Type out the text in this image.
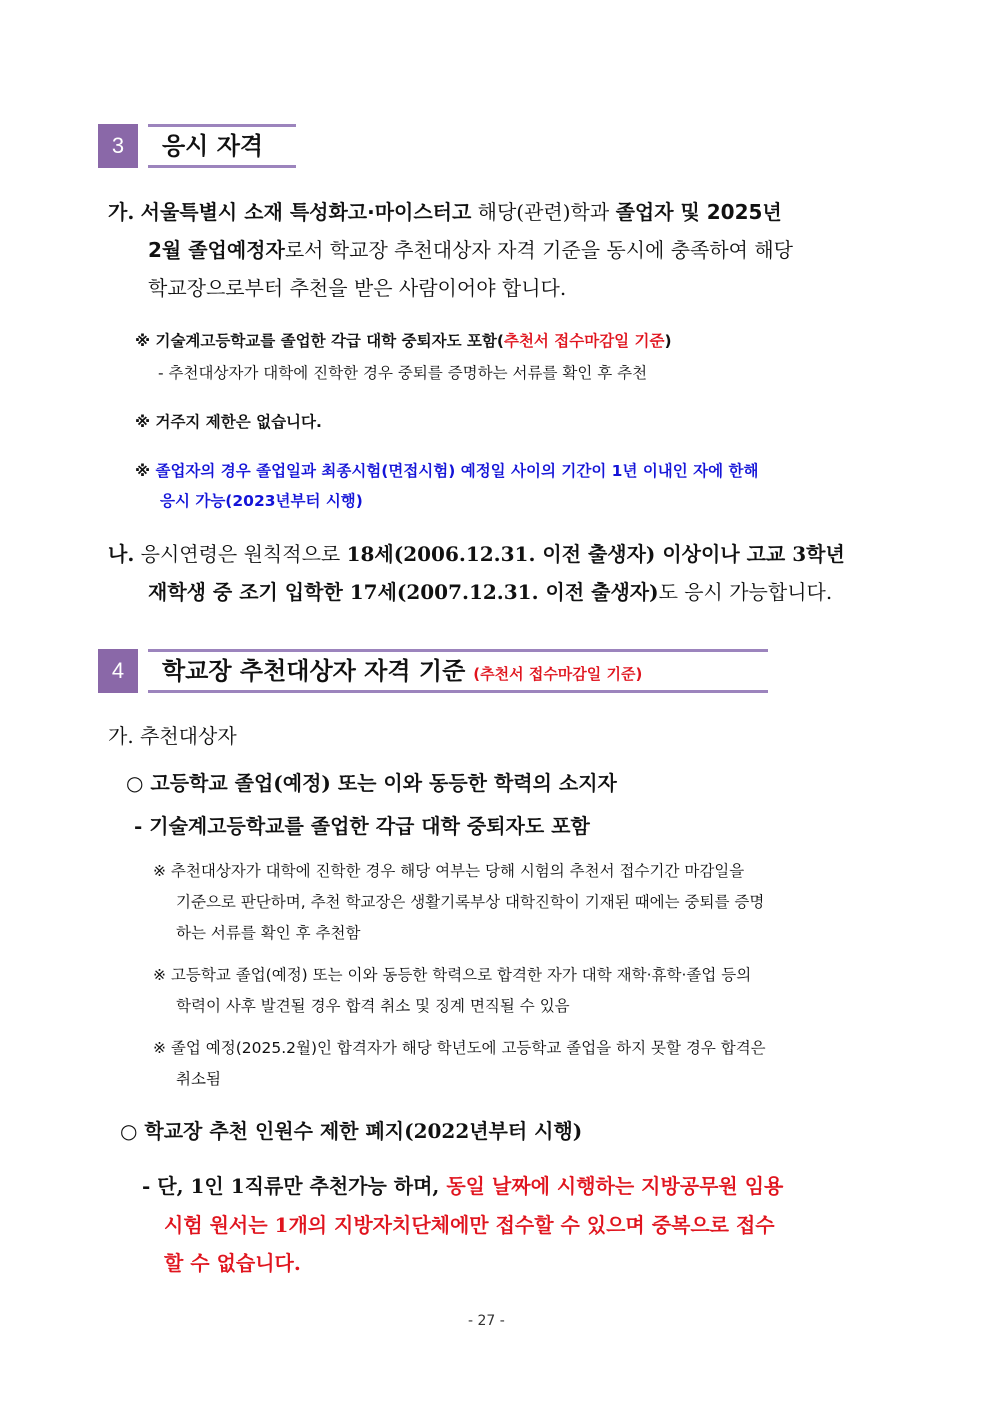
3	응시 자격
가. 서울특별시 소재 특성화고·마이스터고 해당(관련)학과 졸업자 및 2025년
2월 졸업예정자로서 학교장 추천대상자 자격 기준을 동시에 충족하여 해당
학교장으로부터 추천을 받은 사람이어야 합니다.
※ 기술계고등학교를 졸업한 각급 대학 중퇴자도 포함(추천서 접수마감일 기준)
- 추천대상자가 대학에 진학한 경우 중퇴를 증명하는 서류를 확인 후 추천
※ 거주지 제한은 없습니다.
※ 졸업자의 경우 졸업일과 최종시험(면접시험) 예정일 사이의 기간이 1년 이내인 자에 한해
응시 가능(2023년부터 시행)
나. 응시연령은 원칙적으로 18세(2006.12.31. 이전 출생자) 이상이나 고교 3학년
재학생 중 조기 입학한 17세(2007.12.31. 이전 출생자)도 응시 가능합니다.
4	학교장 추천대상자 자격 기준 (추천서 접수마감일 기준)
가. 추천대상자
○ 고등학교 졸업(예정) 또는 이와 동등한 학력의 소지자
- 기술계고등학교를 졸업한 각급 대학 중퇴자도 포함
※ 추천대상자가 대학에 진학한 경우 해당 여부는 당해 시험의 추천서 접수기간 마감일을
기준으로 판단하며, 추천 학교장은 생활기록부상 대학진학이 기재된 때에는 중퇴를 증명
하는 서류를 확인 후 추천함
※ 고등학교 졸업(예정) 또는 이와 동등한 학력으로 합격한 자가 대학 재학·휴학·졸업 등의
학력이 사후 발견될 경우 합격 취소 및 징계 면직될 수 있음
※ 졸업 예정(2025.2월)인 합격자가 해당 학년도에 고등학교 졸업을 하지 못할 경우 합격은
취소됨
○ 학교장 추천 인원수 제한 폐지(2022년부터 시행)
- 단, 1인 1직류만 추천가능 하며, 동일 날짜에 시행하는 지방공무원 임용
시험 원서는 1개의 지방자치단체에만 접수할 수 있으며 중복으로 접수
할 수 없습니다.
- 27 -
